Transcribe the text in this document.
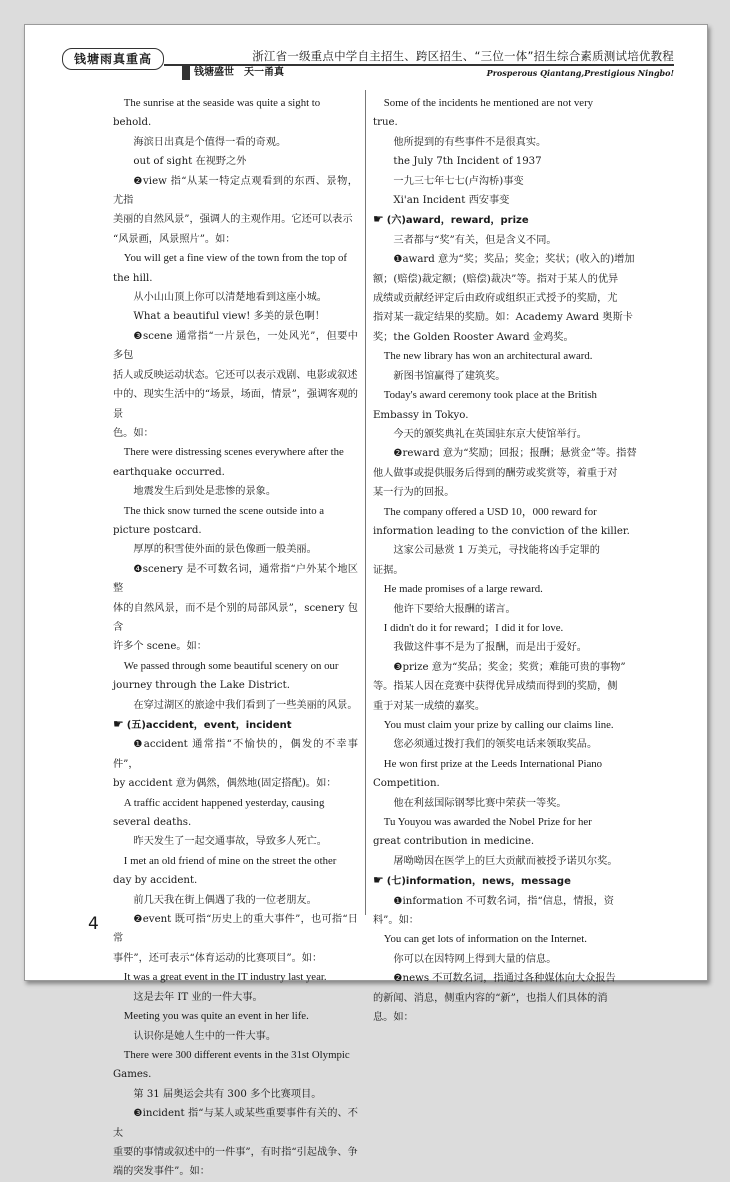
钱塘雨真重高
钱塘盛世　天一甬真
浙江省一级重点中学自主招生、跨区招生、“三位一体”招生综合素质测试培优教程
Prosperous Qiantang,Prestigious Ningbo!

The sunrise at the seaside was quite a sight to

behold.

海滨日出真是个值得一看的奇观。

out of sight 在视野之外

❷view 指“从某一特定点观看到的东西、景物，尤指

美丽的自然风景”，强调人的主观作用。它还可以表示

“风景画，风景照片”。如：

You will get a fine view of the town from the top of

the hill.

从小山山顶上你可以清楚地看到这座小城。

What a beautiful view! 多美的景色啊！

❸scene 通常指“一片景色，一处风光”，但要中多包

括人或反映运动状态。它还可以表示戏剧、电影或叙述

中的、现实生活中的“场景，场面，情景”，强调客观的景

色。如：

There were distressing scenes everywhere after the

earthquake occurred.

地震发生后到处是悲惨的景象。

The thick snow turned the scene outside into a

picture postcard.

厚厚的积雪使外面的景色像画一般美丽。

❹scenery 是不可数名词，通常指“户外某个地区整

体的自然风景，而不是个别的局部风景”，scenery 包含

许多个 scene。如：

We passed through some beautiful scenery on our

journey through the Lake District.

在穿过湖区的旅途中我们看到了一些美丽的风景。

☛ (五)accident，event，incident

❶accident 通常指“不愉快的，偶发的不幸事件”，

by accident 意为偶然，偶然地(固定搭配)。如：

A traffic accident happened yesterday, causing

several deaths.

昨天发生了一起交通事故，导致多人死亡。

I met an old friend of mine on the street the other

day by accident.

前几天我在街上偶遇了我的一位老朋友。

❷event 既可指“历史上的重大事件”，也可指“日常

事件”，还可表示“体育运动的比赛项目”。如：

It was a great event in the IT industry last year.

这是去年 IT 业的一件大事。

Meeting you was quite an event in her life.

认识你是她人生中的一件大事。

There were 300 different events in the 31st Olympic

Games.

第 31 届奥运会共有 300 多个比赛项目。

❸incident 指“与某人或某些重要事件有关的、不太

重要的事情或叙述中的一件事”，有时指“引起战争、争

端的突发事件”。如：

Some of the incidents he mentioned are not very

true.

他所提到的有些事件不是很真实。

the July 7th Incident of 1937

一九三七年七七(卢沟桥)事变

Xi'an Incident 西安事变

☛ (六)award，reward，prize

三者都与“奖”有关，但是含义不同。

❶award 意为“奖；奖品；奖金；奖状；(收入的)增加

额；(赔偿)裁定额；(赔偿)裁决”等。指对于某人的优异

成绩或贡献经评定后由政府或组织正式授予的奖励，尤

指对某一裁定结果的奖励。如：Academy Award 奥斯卡

奖；the Golden Rooster Award 金鸡奖。

The new library has won an architectural award.

新图书馆赢得了建筑奖。

Today's award ceremony took place at the British

Embassy in Tokyo.

今天的颁奖典礼在英国驻东京大使馆举行。

❷reward 意为“奖励；回报；报酬；悬赏金”等。指替

他人做事或提供服务后得到的酬劳或奖赏等，着重于对

某一行为的回报。

The company offered a USD 10，000 reward for

information leading to the conviction of the killer.

这家公司悬赏 1 万美元，寻找能将凶手定罪的

证据。

He made promises of a large reward.

他许下要给大报酬的诺言。

I didn't do it for reward；I did it for love.

我做这件事不是为了报酬，而是出于爱好。

❸prize 意为“奖品；奖金；奖赏；难能可贵的事物”

等。指某人因在竞赛中获得优异成绩而得到的奖励，侧

重于对某一成绩的嘉奖。

You must claim your prize by calling our claims line.

您必须通过拨打我们的领奖电话来领取奖品。

He won first prize at the Leeds International Piano

Competition.

他在利兹国际钢琴比赛中荣获一等奖。

Tu Youyou was awarded the Nobel Prize for her

great contribution in medicine.

屠呦呦因在医学上的巨大贡献而被授予诺贝尔奖。

☛ (七)information，news，message

❶information 不可数名词，指“信息，情报，资

料”。如：

You can get lots of information on the Internet.

你可以在因特网上得到大量的信息。

❷news 不可数名词，指通过各种媒体向大众报告

的新闻、消息，侧重内容的“新”，也指人们具体的消

息。如：

4
